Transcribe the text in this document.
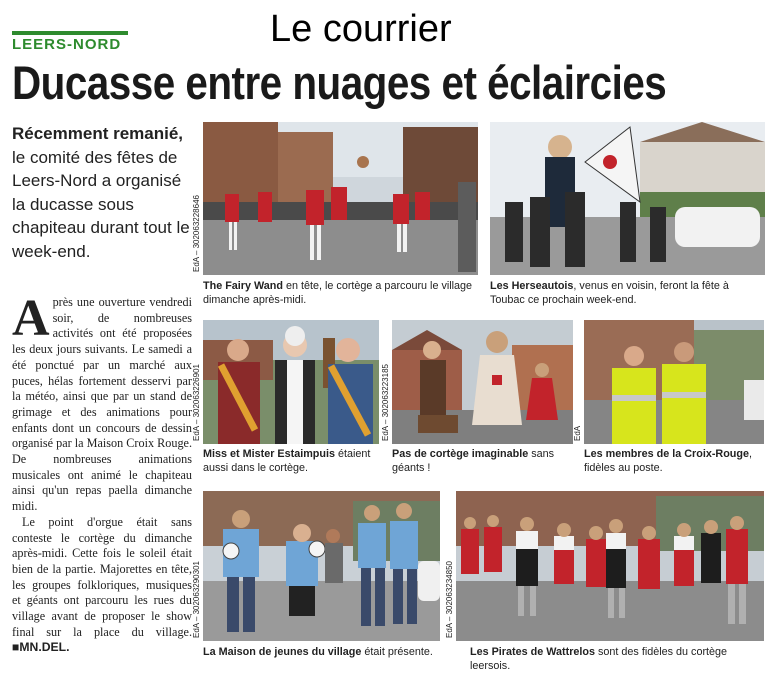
Le courrier
LEERS-NORD
Ducasse entre nuages et éclaircies
Récemment remanié,
le comité des fêtes de Leers-Nord a organisé la ducasse sous chapiteau durant tout le week-end.

Après une ouverture vendredi soir, de nombreuses activités ont été proposées les deux jours suivants. Le samedi a été ponctué par un marché aux puces, hélas fortement desservi par la météo, ainsi que par un stand de grimage et des animations pour enfants dont un concours de dessin organisé par la Maison Croix Rouge. De nombreuses animations musicales ont animé le chapiteau ainsi qu'un repas paella dimanche midi.

Le point d'orgue était sans conteste le cortège du dimanche après-midi. Cette fois le soleil était bien de la partie. Majorettes en tête, les groupes folkloriques, musiques et géants ont parcouru les rues du village avant de proposer le show final sur la place du village. ■MN.DEL.

EdA – 302063228646
The Fairy Wand en tête, le cortège a parcouru le village dimanche après-midi.
Les Herseautois, venus en voisin, feront la fête à Toubac ce prochain week-end.
EdA – 302063226901
Miss et Mister Estaimpuis étaient aussi dans le cortège.
EdA – 302063223185
Pas de cortège imaginable sans géants !
EdA
Les membres de la Croix-Rouge, fidèles au poste.
EdA – 302063290301
La Maison de jeunes du village était présente.
EdA – 302063234850
Les Pirates de Wattrelos sont des fidèles du cortège leersois.
